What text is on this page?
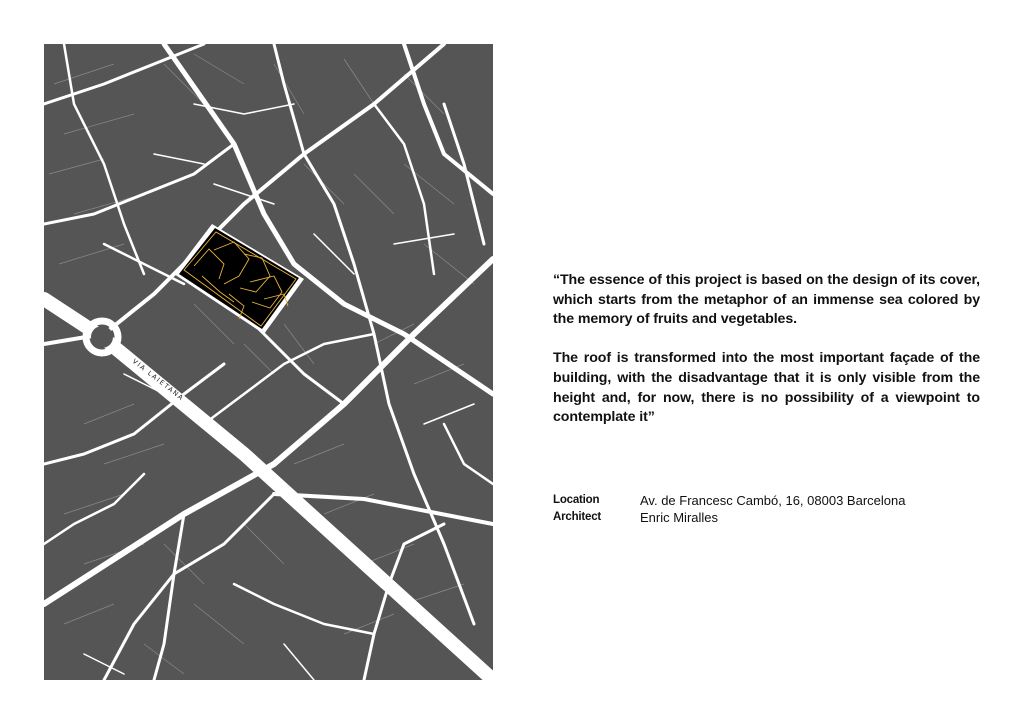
VIA LAIETANA

“The essence of this project is based on the design of its cover, which starts from the metaphor of an immense sea colored by the memory of fruits and vegetables.

The roof is transformed into the most important façade of the building, with the disadvantage that it is only visible from the height and, for now, there is no possibility of a viewpoint to contemplate it”

Location	Av. de Francesc Cambó, 16, 08003 Barcelona
Architect	Enric Miralles
